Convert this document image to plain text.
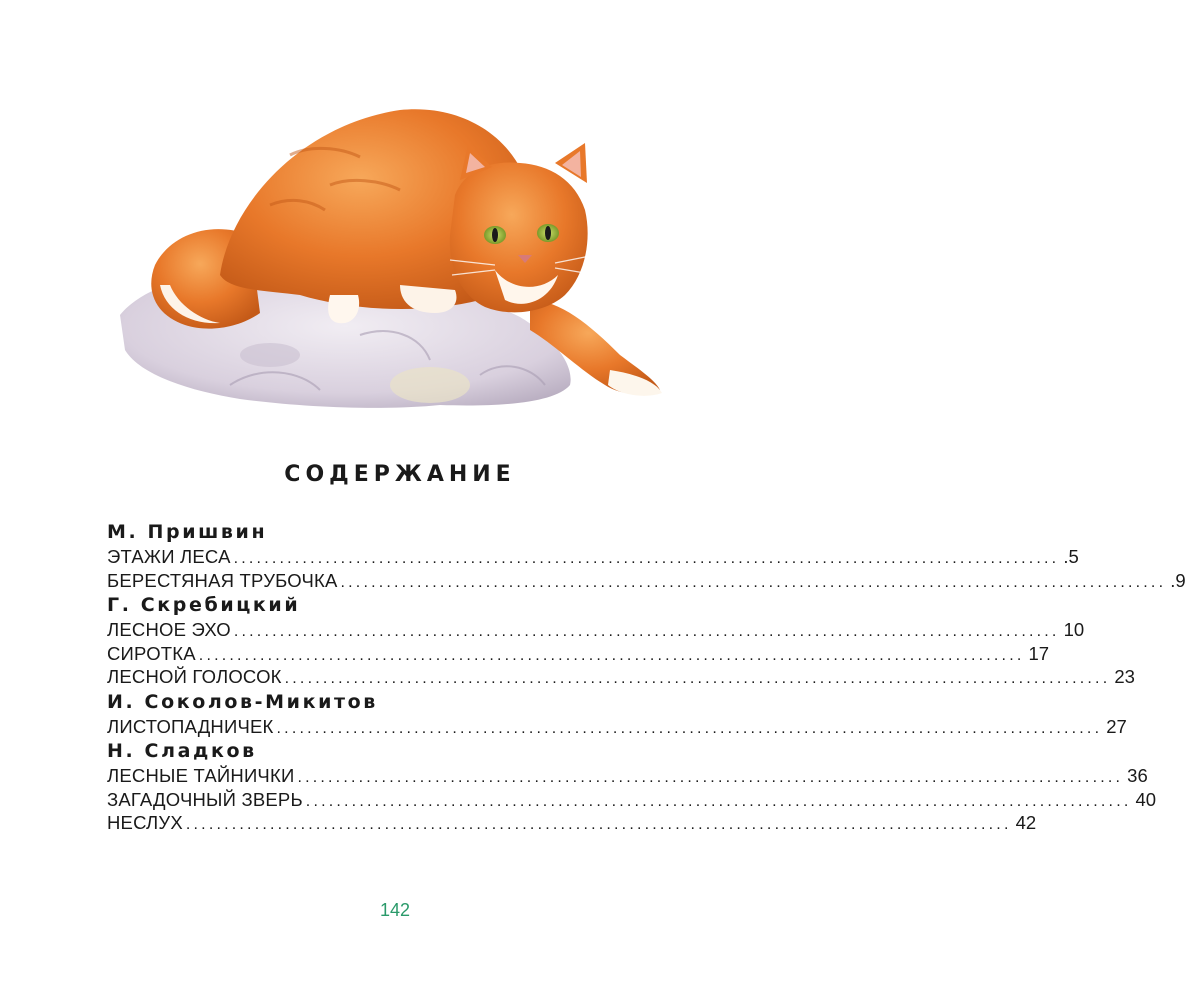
СОДЕРЖАНИЕ
М. Пришвин
ЭТАЖИ ЛЕСА ............................................................................................................ .5
БЕРЕСТЯНАЯ ТРУБОЧКА ............................................................................................................ .9
Г. Скребицкий
ЛЕСНОЕ ЭХО ............................................................................................................ 10
СИРОТКА ............................................................................................................ 17
ЛЕСНОЙ ГОЛОСОК ............................................................................................................ 23
И. Соколов-Микитов
ЛИСТОПАДНИЧЕК ............................................................................................................ 27
Н. Сладков
ЛЕСНЫЕ ТАЙНИЧКИ ............................................................................................................ 36
ЗАГАДОЧНЫЙ ЗВЕРЬ ............................................................................................................ 40
НЕСЛУХ ............................................................................................................ 42
142
